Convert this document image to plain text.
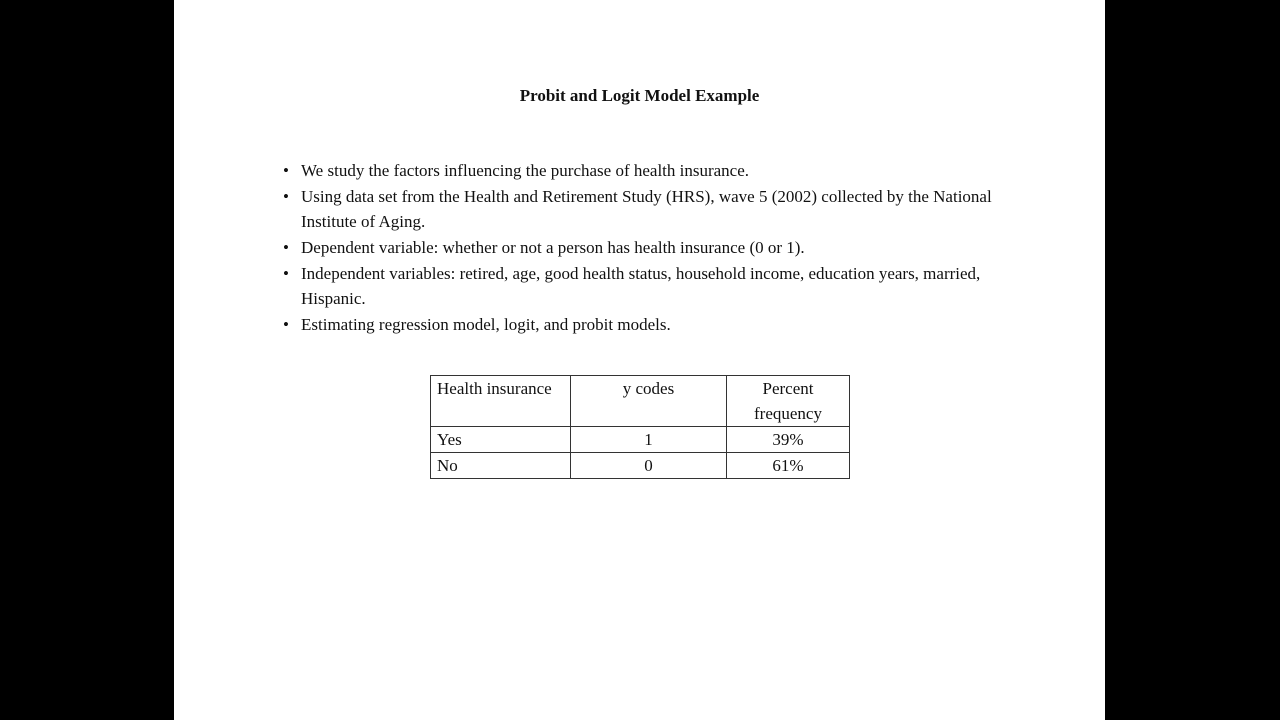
Probit and Logit Model Example
• We study the factors influencing the purchase of health insurance.
• Using data set from the Health and Retirement Study (HRS), wave 5 (2002) collected by the National Institute of Aging.
• Dependent variable: whether or not a person has health insurance (0 or 1).
• Independent variables: retired, age, good health status, household income, education years, married, Hispanic.
• Estimating regression model, logit, and probit models.
Health insurance	y codes	Percent frequency
Yes	1	39%
No	0	61%
